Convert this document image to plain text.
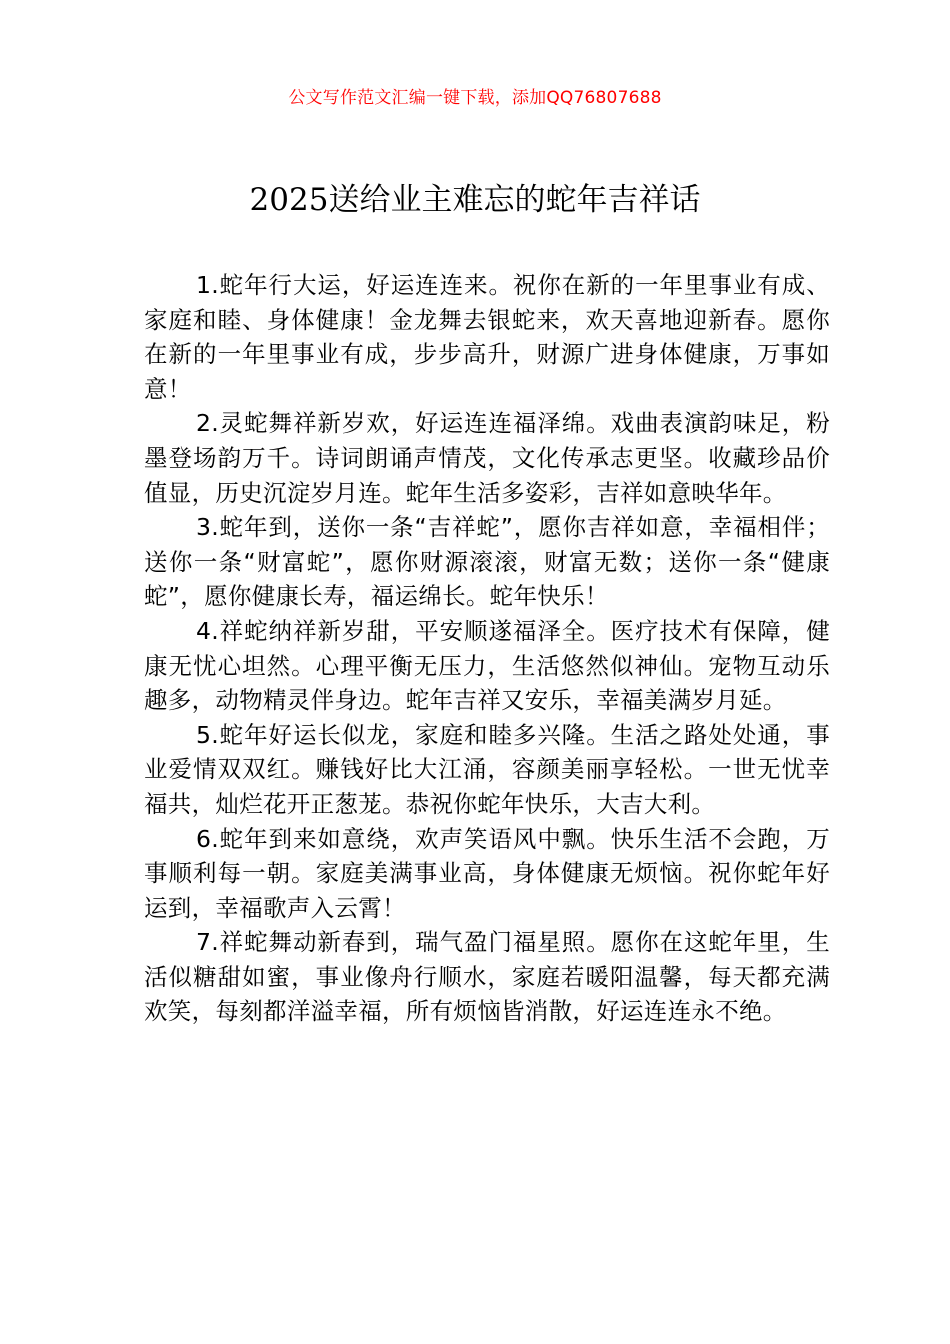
公文写作范文汇编一键下载，添加QQ76807688
2025送给业主难忘的蛇年吉祥话

1.蛇年行大运，好运连连来。祝你在新的一年里事业有成、家庭和睦、身体健康！金龙舞去银蛇来，欢天喜地迎新春。愿你在新的一年里事业有成，步步高升，财源广进身体健康，万事如意！

2.灵蛇舞祥新岁欢，好运连连福泽绵。戏曲表演韵味足，粉墨登场韵万千。诗词朗诵声情茂，文化传承志更坚。收藏珍品价值显，历史沉淀岁月连。蛇年生活多姿彩，吉祥如意映华年。

3.蛇年到，送你一条“吉祥蛇”，愿你吉祥如意，幸福相伴；送你一条“财富蛇”，愿你财源滚滚，财富无数；送你一条“健康蛇”，愿你健康长寿，福运绵长。蛇年快乐！

4.祥蛇纳祥新岁甜，平安顺遂福泽全。医疗技术有保障，健康无忧心坦然。心理平衡无压力，生活悠然似神仙。宠物互动乐趣多，动物精灵伴身边。蛇年吉祥又安乐，幸福美满岁月延。

5.蛇年好运长似龙，家庭和睦多兴隆。生活之路处处通，事业爱情双双红。赚钱好比大江涌，容颜美丽享轻松。一世无忧幸福共，灿烂花开正葱茏。恭祝你蛇年快乐，大吉大利。

6.蛇年到来如意绕，欢声笑语风中飘。快乐生活不会跑，万事顺利每一朝。家庭美满事业高，身体健康无烦恼。祝你蛇年好运到，幸福歌声入云霄！

7.祥蛇舞动新春到，瑞气盈门福星照。愿你在这蛇年里，生活似糖甜如蜜，事业像舟行顺水，家庭若暖阳温馨，每天都充满欢笑，每刻都洋溢幸福，所有烦恼皆消散，好运连连永不绝。
